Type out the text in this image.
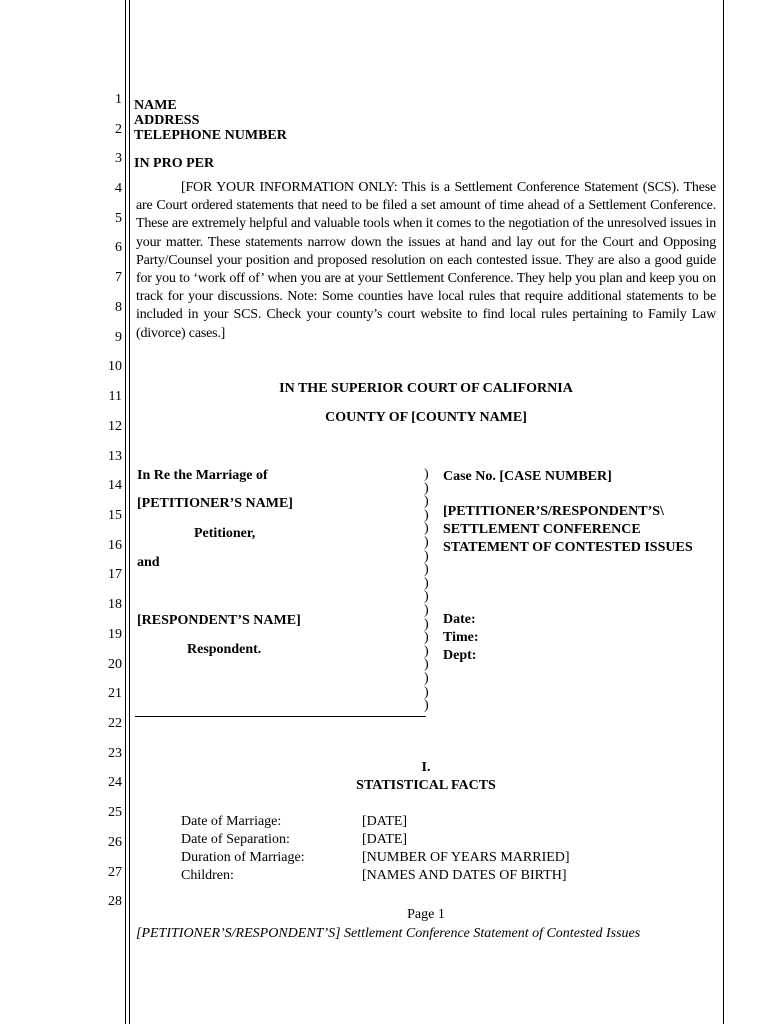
1
2
3
4
5
6
7
8
9
10
11
12
13
14
15
16
17
18
19
20
21
22
23
24
25
26
27
28
NAME
ADDRESS
TELEPHONE NUMBER
IN PRO PER
[FOR YOUR INFORMATION ONLY: This is a Settlement Conference Statement (SCS). These are Court ordered statements that need to be filed a set amount of time ahead of a Settlement Conference. These are extremely helpful and valuable tools when it comes to the negotiation of the unresolved issues in your matter. These statements narrow down the issues at hand and lay out for the Court and Opposing Party/Counsel your position and proposed resolution on each contested issue. They are also a good guide for you to ‘work off of’ when you are at your Settlement Conference. They help you plan and keep you on track for your discussions. Note: Some counties have local rules that require additional statements to be included in your SCS. Check your county’s court website to find local rules pertaining to Family Law (divorce) cases.]
IN THE SUPERIOR COURT OF CALIFORNIA
COUNTY OF [COUNTY NAME]
In Re the Marriage of
[PETITIONER’S NAME]
Petitioner,
and
[RESPONDENT’S NAME]
Respondent.
)
)
)
)
)
)
)
)
)
)
)
)
)
)
)
)
)
)
Case No. [CASE NUMBER]
[PETITIONER’S/RESPONDENT’S\
SETTLEMENT CONFERENCE
STATEMENT OF CONTESTED ISSUES
Date:
Time:
Dept:
I.
STATISTICAL FACTS
Date of Marriage:
Date of Separation:
Duration of Marriage:
Children:
[DATE]
[DATE]
[NUMBER OF YEARS MARRIED]
[NAMES AND DATES OF BIRTH]
Page 1
[PETITIONER’S/RESPONDENT’S] Settlement Conference Statement of Contested Issues
